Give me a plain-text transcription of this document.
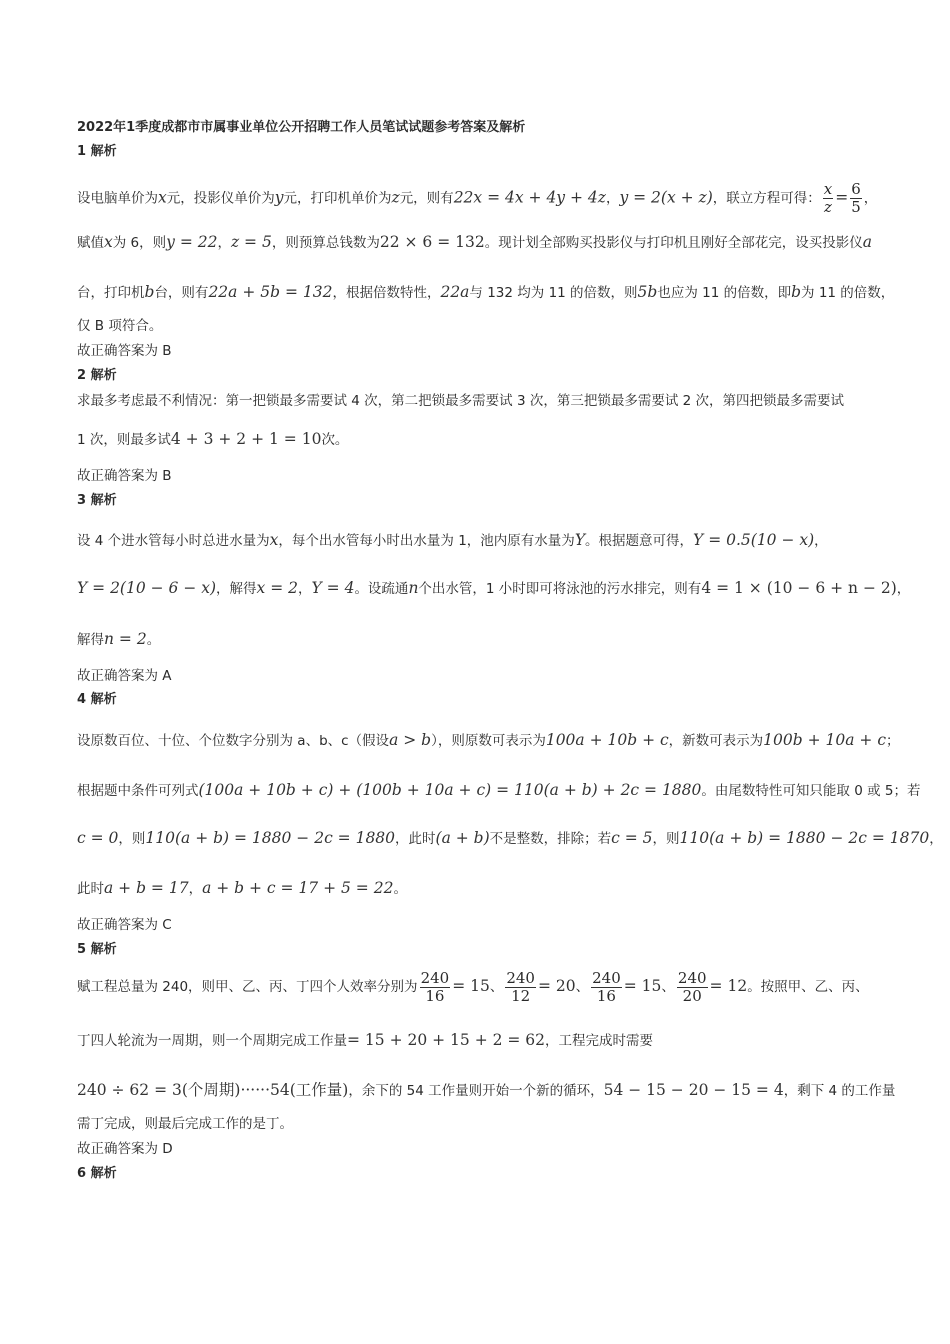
2022年1季度成都市市属事业单位公开招聘工作人员笔试试题参考答案及解析
1 解析
设电脑单价为x元，投影仪单价为y元，打印机单价为z元，则有22x = 4x + 4y + 4z，y = 2(x + z)，联立方程可得： $\frac{x}{z} = \frac{6}{5}$ ，
赋值x为 6，则y = 22，z = 5，则预算总钱数为22 × 6 = 132。现计划全部购买投影仪与打印机且刚好全部花完，设买投影仪a
台，打印机b台，则有22a + 5b = 132，根据倍数特性，22a与 132 均为 11 的倍数，则5b也应为 11 的倍数，即b为 11 的倍数，
仅 B 项符合。
故正确答案为 B
2 解析
求最多考虑最不利情况：第一把锁最多需要试 4 次，第二把锁最多需要试 3 次，第三把锁最多需要试 2 次，第四把锁最多需要试
1 次，则最多试4 + 3 + 2 + 1 = 10次。
故正确答案为 B
3 解析
设 4 个进水管每小时总进水量为x，每个出水管每小时出水量为 1，池内原有水量为Y。根据题意可得，Y = 0.5(10 − x)，
Y = 2(10 − 6 − x)，解得x = 2，Y = 4。设疏通n个出水管，1 小时即可将泳池的污水排完，则有4 = 1 × (10 − 6 + n − 2)，
解得n = 2。
故正确答案为 A
4 解析
设原数百位、十位、个位数字分别为 a、b、c（假设a > b），则原数可表示为100a + 10b + c，新数可表示为100b + 10a + c；
根据题中条件可列式(100a + 10b + c) + (100b + 10a + c) = 110(a + b) + 2c = 1880。由尾数特性可知只能取 0 或 5；若
c = 0，则110(a + b) = 1880 − 2c = 1880，此时(a + b)不是整数，排除；若c = 5，则110(a + b) = 1880 − 2c = 1870，
此时a + b = 17，a + b + c = 17 + 5 = 22。
故正确答案为 C
5 解析
赋工程总量为 240，则甲、乙、丙、丁四个人效率分别为 $\frac{240}{16} = 15$、 $\frac{240}{12} = 20$、 $\frac{240}{16} = 15$、 $\frac{240}{20} = 12$。按照甲、乙、丙、
丁四人轮流为一周期，则一个周期完成工作量= 15 + 20 + 15 + 2 = 62，工程完成时需要
240 ÷ 62 = 3(个周期)······54(工作量)，余下的 54 工作量则开始一个新的循环，54 − 15 − 20 − 15 = 4，剩下 4 的工作量
需丁完成，则最后完成工作的是丁。
故正确答案为 D
6 解析
